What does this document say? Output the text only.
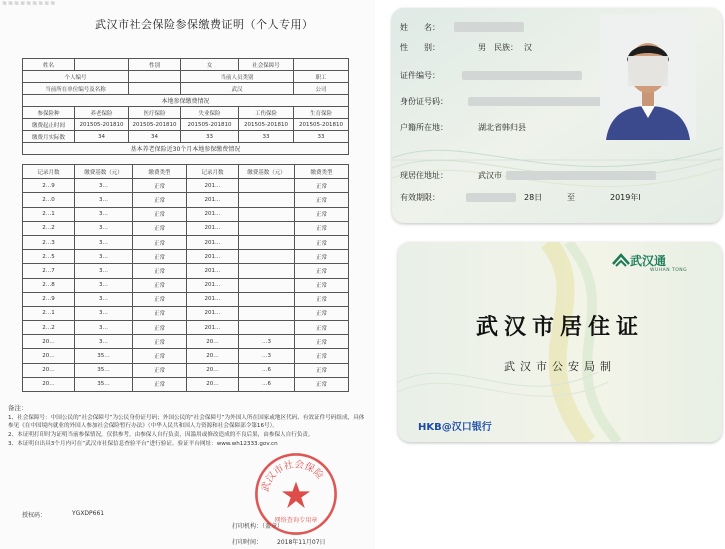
≋≋≋≋≋≋≋≋≋
武汉市社会保险参保缴费证明（个人专用）
姓名		性别	女	社会保障号	
个人编号			当前人员类别		职工
当前所在单位编号及名称			武汉		公司
本地参保缴费情况					
参保险种	养老保险	医疗保险	失业保险	工伤保险	生育保险
缴费起止时间	201505-201810	201505-201810	201505-201810	201505-201810	201505-201810
缴费月实际数	34	34	33	33	33
基本养老保险近30个月本地参保缴费情况					
记录月数	缴费基数（元）	缴费类型	记录月数	缴费基数（元）	缴费类型
2…9	3…	正常	201…		正常
2…0	3…	正常	201…		正常
2…1	3…	正常	201…		正常
2…2	3…	正常	201…		正常
2…3	3…	正常	201…		正常
2…5	3…	正常	201…		正常
2…7	3…	正常	201…		正常
2…8	3…	正常	201…		正常
2…9	3…	正常	201…		正常
2…1	3…	正常	201…		正常
2…2	3…	正常	201…		正常
20…	3…	正常	20…	…3	正常
20…	35…	正常	20…	…3	正常
20…	35…	正常	20…	…6	正常
20…	35…	正常	20…	…6	正常
备注：

1、社会保障号：中国公民的“社会保障号”为公民身份证号码；外国公民的“社会保障号”为外国人所在国家或地区代码、有效证件号码组成，具体参见《在中国境内就业的外国人参加社会保险暂行办法》（中华人民共和国人力资源和社会保障部令第16号）。

2、本证明打印时为证明当前参保情况，仅供参考，由参保人自行负责，因滥用或修改造成的不良后果，由参保人自行负责。

3、本证明自出具3个月内可在“武汉市社保信息查验平台”进行验证。验证平台网址：www.wh12333.gov.cn

授权码：	YGXDP661
打印机构：（盖章）
打印时间：　　　2018年11月07日
武汉市社会保险
网络查询专用章
姓　　名：
性　　别：	男 民族： 汉
证件编号：
身份证号码：
户籍所在地：	湖北省韩归县
现居住地址：	武汉市
有效期限：	28日	至	2019年l
武汉通
WUHAN TONG
武汉市居住证
武汉市公安局制
HKB@汉口银行
